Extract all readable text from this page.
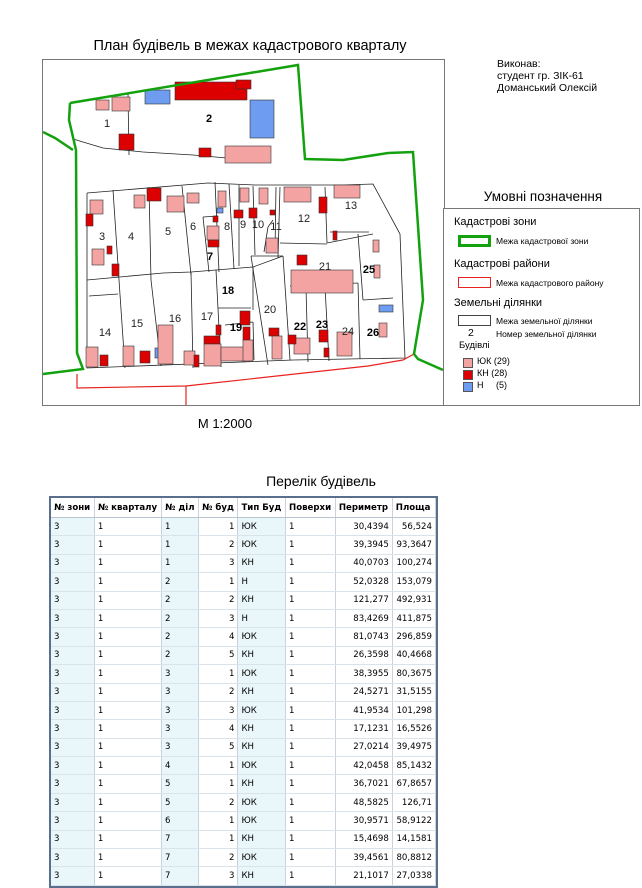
План будівель в межах кадастрового кварталу
Виконав:
студент гр. ЗІК-61
Доманський Олексій
1	2
3 4	5 6
7
8 9 10 11
12
13
14
15 16 17
18
19
20
21
22 23
24
25
26
Умовні позначення
Кадастрові зони
Межа кадастрової зони
Кадастрові райони
Межа кадастрового району
Земельні ділянки
Межа земельної ділянки
2	Номер земельної ділянки
Будівлі
ЮК (29)
КН (28)
Н     (5)
М 1:2000
Перелік будівель
№ зони	№ кварталу	№ діл	№ буд	Тип Буд	Поверхи	Периметр	Площа
3	1	1	1	ЮК	1	30,4394	56,524
3	1	1	2	ЮК	1	39,3945	93,3647
3	1	1	3	КН	1	40,0703	100,274
3	1	2	1	Н	1	52,0328	153,079
3	1	2	2	КН	1	121,277	492,931
3	1	2	3	Н	1	83,4269	411,875
3	1	2	4	ЮК	1	81,0743	296,859
3	1	2	5	КН	1	26,3598	40,4668
3	1	3	1	ЮК	1	38,3955	80,3675
3	1	3	2	КН	1	24,5271	31,5155
3	1	3	3	ЮК	1	41,9534	101,298
3	1	3	4	КН	1	17,1231	16,5526
3	1	3	5	КН	1	27,0214	39,4975
3	1	4	1	ЮК	1	42,0458	85,1432
3	1	5	1	КН	1	36,7021	67,8657
3	1	5	2	ЮК	1	48,5825	126,71
3	1	6	1	ЮК	1	30,9571	58,9122
3	1	7	1	КН	1	15,4698	14,1581
3	1	7	2	ЮК	1	39,4561	80,8812
3	1	7	3	КН	1	21,1017	27,0338
